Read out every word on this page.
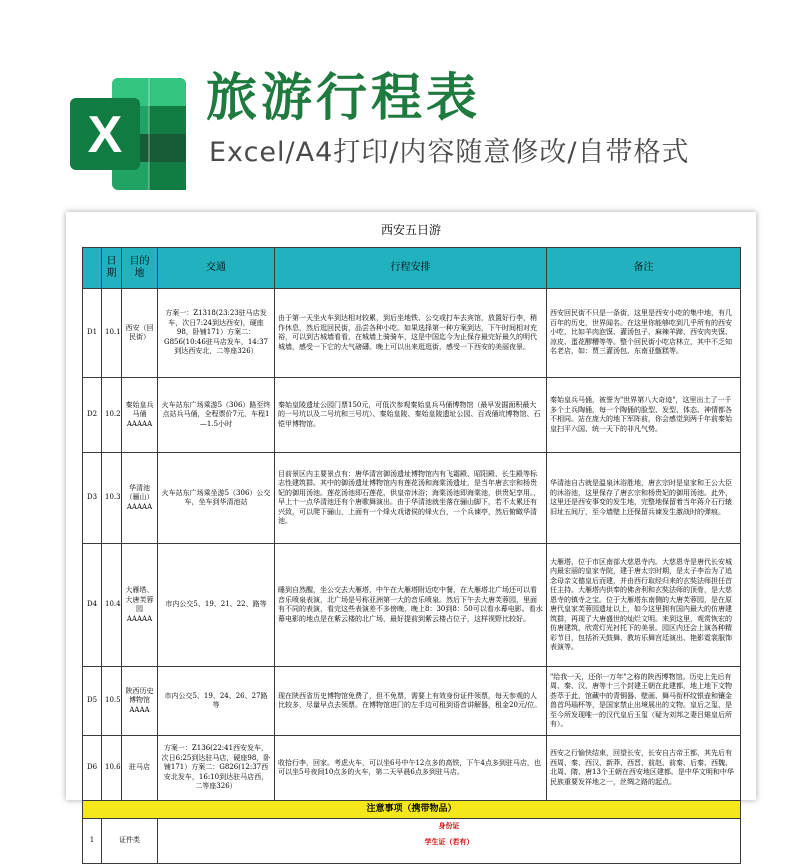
X
旅游行程表
Excel/A4打印/内容随意修改/自带格式
西安五日游
	日期	目的地	交通	行程安排	备注
D1	10.1	西安（回民街）	方案一：Z1318(23:23驻马店发车，次日7:24到达西安)，硬座98，卧铺171）方案二：G856(10:46驻马店发车，14:37到达西安北，二等座326）	由于第一天坐火车到达相对较累，到后坐地铁、公交或打车去宾馆，放置好行李，稍作休息，然后逛回民街，品尝各种小吃。如果选择第一种方案到达，下午时间相对充裕，可以到古城墙看看，在城墙上骑骑车，这是中国迄今为止保存最完好最久的明代城墙，感受一下它的大气磅礴。晚上可以出来逛逛街，感受一下西安的美丽夜景。	西安回民街不只是一条街，这里是西安小吃的集中地，有几百年的历史，世界闻名。在这里你能够吃到几乎所有的西安小吃，比如羊肉泡馍、灌汤包子、麻辣羊蹄、西安肉夹馍、凉皮、蛋花醪糟等等。整个回民街小吃店林立，其中不乏知名老店，如：贾三灌汤包、东南亚甑糕等。
D2	10.2	秦始皇兵马俑AAAAA	火车站东广场乘游5（306）路至终点站兵马俑，全程票价7元，车程1—1.5小时	秦始皇陵遗址公园门票150元，可低次参观秦始皇兵马俑博物馆（最早发掘面积最大的一号坑以及二号坑和三号坑）、秦始皇陵、秦始皇陵遗址公园、百戏俑坑博物馆、石铠甲博物馆。	秦始皇兵马俑，被誉为"世界第八大奇迹"，这里出土了一千多个土兵陶俑，每一个陶俑的脸型、发型、体态、神情都各不相同。站在庞大的地下军阵前，你会感觉到两千年前秦始皇扫平六国、统一天下的非凡气势。
D3	10.3	华清池（骊山）AAAAA	火车站东广场乘坐游5（306）公交车，坐车到华清池站	目前景区内主要景点有：唐华清宫御汤遗址博物馆内有飞霜殿、昭阳殿、长生殿等标志性建筑群。其中的御汤遗址博物馆内有莲花汤和海棠汤遗址，是当年唐玄宗和杨贵妃的御用汤池。莲花汤池即石莲花，供皇帝沐浴；海棠汤池即海棠池，供贵妃享用。，早上十一点华清池还有个唐歌舞演出。由于华清池就坐落在骊山脚下，若不太累还有兴致，可以爬下骊山，上面有一个烽火戏诸侯的烽火台，一个兵谏亭，然后俯瞰华清池。	华清池自古就是温泉沐浴胜地，唐玄宗时是皇家和王公大臣的沐浴池，这里保存了唐玄宗和杨贵妃的御用汤池。此外，这里还是西安事变的发生地，完整地保留着当年蒋介石行辕旧址五间厅，至今墙壁上还保留兵谏发生激战时的弹痕。
D4	10.4	大雁塔、大唐芙蓉园AAAAA	市内公交5、19、21、22、路等	睡到自然醒，坐公交去大雁塔，中午在大雁塔附近吃中餐，在大雁塔北广场还可以看音乐喷泉表演，北广场是号称亚洲第一大的音乐喷泉。然后下午去大唐芙蓉园，里面有不同的表演，看完这些表演差不多傍晚，晚上8：30到8：50可以看水幕电影。看水幕电影的地点是在紫云楼的北广场，最好提前到紫云楼占位子，这样视野比较好。	大雁塔，位于市区南部大慈恩寺内。大慈恩寺是唐代长安城内最宏丽的皇家寺院，建于唐太宗时期，是太子李治为了追念母亲文德皇后而建，并由西行取经归来的玄奘法师担任首任主持。大雁塔内供奉的佛舍利和玄奘法师的顶骨，是大慈恩寺的镇寺之宝。位于大雁塔东南侧的大唐芙蓉园，是在原唐代皇家芙蓉园遗址以上，如今这里拥有国内最大的仿唐建筑群，再现了大唐盛世的灿烂文明。来到这里，观赏恢宏的仿唐建筑，欣赏灯光衬托下的美景。园区内还会上演各种精彩节目，包括祈天鼓舞、教坊乐舞宫廷演出、艳影霓裳服饰表演等。
D5	10.5	陕西历史博物馆AAAA	市内公交5、19、24、26、27路等	现在陕西省历史博物馆免费了，但不免票，需要上有效身份证件领票，每天参观的人比较多，尽量早点去领票。在博物馆进门的左手边可租到语音讲解器，租金20元/位。	"给我一天，还你一万年"之称的陕西博物馆。历史上先后有周、秦、汉、唐等十三个封建王朝在此建都，地上地下文物荟萃于此，馆藏中的青铜器、壁画、舞马衔杯纹银壶和镶金兽首玛瑙杯等，是国家禁止出境展出的文物。皇后之玺，是至今所发现唯一的汉代皇后玉玺（疑为刘邦之妻吕雉皇后所有）。
D6	10.6	驻马店	方案一：Z136(22:41西安发车，次日6:25到达驻马店，硬座98，卧铺171）方案二：G826(12:37西安北发车，16:10到达驻马店西，二等座326）	收拾行李，回家。考虑火车，可以坐6号中午12点多的高铁，下午4点多到驻马店，也可以坐5号夜间10点多的火车，第二天早晨6点多到驻马店。	西安之行愉快结束，回望长安，长安自古帝王都，其先后有西周、秦、西汉、新莽、西晋、前赵、前秦、后秦、西魏、北周、隋、唐13个王朝在西安地区建都。是中华文明和中华民族重要发祥地之一，丝绸之路的起点。
注意事项（携带物品）					
1	证件类		身份证
学生证（若有）		
